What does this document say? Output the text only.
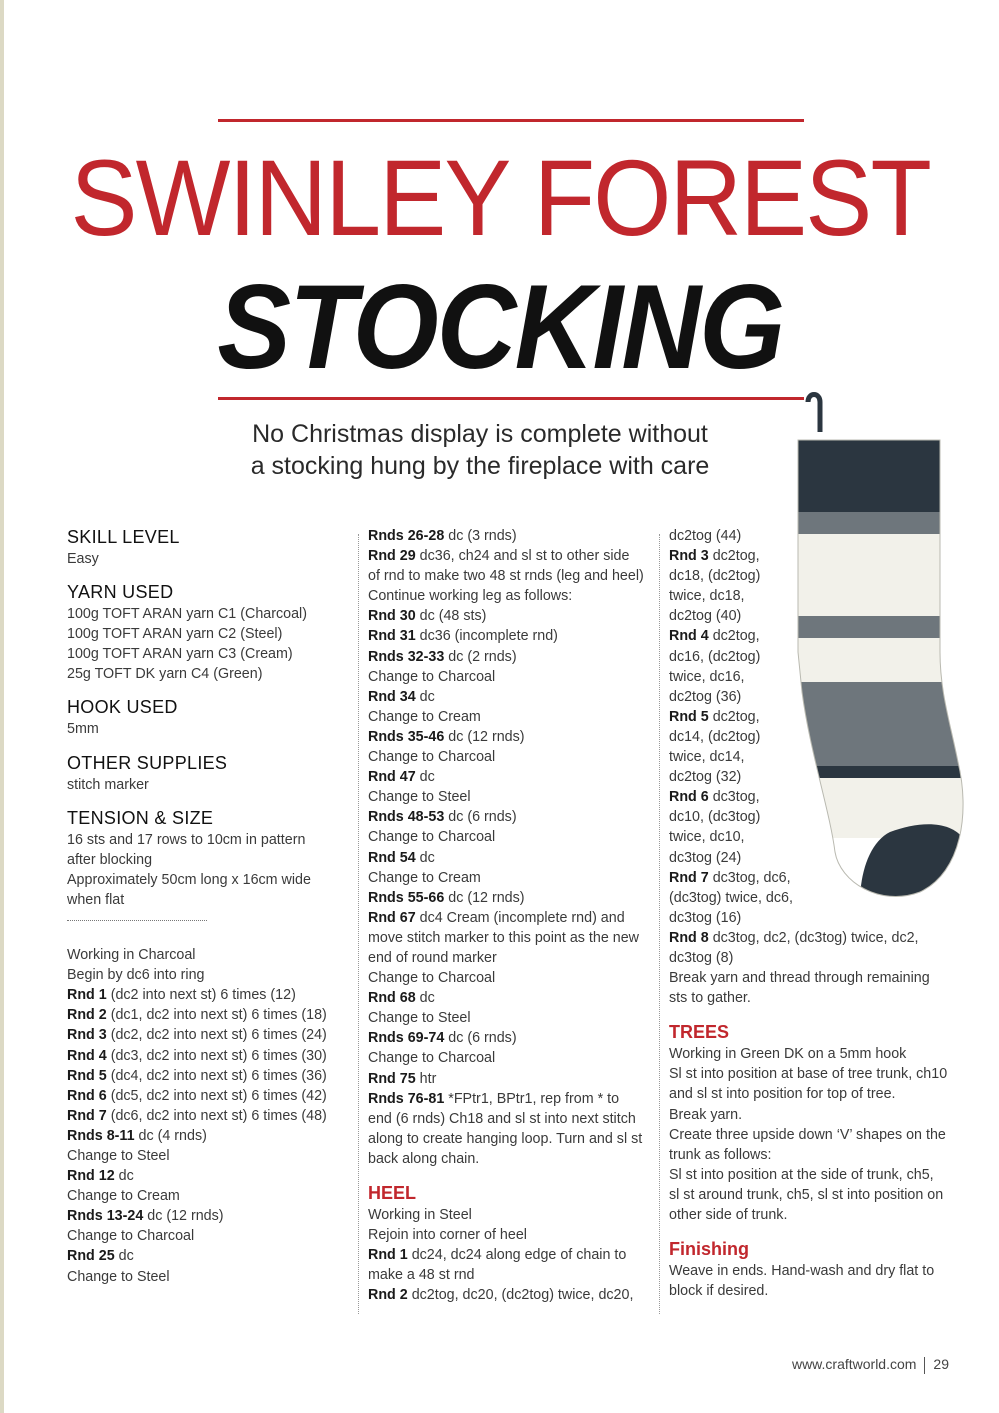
SWINLEY FOREST
STOCKING
No Christmas display is complete without
a stocking hung by the fireplace with care
SKILL LEVEL
Easy
YARN USED
100g TOFT ARAN yarn C1 (Charcoal)
100g TOFT ARAN yarn C2 (Steel)
100g TOFT ARAN yarn C3 (Cream)
25g TOFT DK yarn C4 (Green)
HOOK USED
5mm
OTHER SUPPLIES
stitch marker
TENSION & SIZE
16 sts and 17 rows to 10cm in pattern
after blocking
Approximately 50cm long x 16cm wide
when flat
Working in Charcoal
Begin by dc6 into ring
Rnd 1 (dc2 into next st) 6 times (12)
Rnd 2 (dc1, dc2 into next st) 6 times (18)
Rnd 3 (dc2, dc2 into next st) 6 times (24)
Rnd 4 (dc3, dc2 into next st) 6 times (30)
Rnd 5 (dc4, dc2 into next st) 6 times (36)
Rnd 6 (dc5, dc2 into next st) 6 times (42)
Rnd 7 (dc6, dc2 into next st) 6 times (48)
Rnds 8-11 dc (4 rnds)
Change to Steel
Rnd 12 dc
Change to Cream
Rnds 13-24 dc (12 rnds)
Change to Charcoal
Rnd 25 dc
Change to Steel
Rnds 26-28 dc (3 rnds)
Rnd 29 dc36, ch24 and sl st to other side
of rnd to make two 48 st rnds (leg and heel)
Continue working leg as follows:
Rnd 30 dc (48 sts)
Rnd 31 dc36 (incomplete rnd)
Rnds 32-33 dc (2 rnds)
Change to Charcoal
Rnd 34 dc
Change to Cream
Rnds 35-46 dc (12 rnds)
Change to Charcoal
Rnd 47 dc
Change to Steel
Rnds 48-53 dc (6 rnds)
Change to Charcoal
Rnd 54 dc
Change to Cream
Rnds 55-66 dc (12 rnds)
Rnd 67 dc4 Cream (incomplete rnd) and
move stitch marker to this point as the new
end of round marker
Change to Charcoal
Rnd 68 dc
Change to Steel
Rnds 69-74 dc (6 rnds)
Change to Charcoal
Rnd 75 htr
Rnds 76-81 *FPtr1, BPtr1, rep from * to
end (6 rnds) Ch18 and sl st into next stitch
along to create hanging loop. Turn and sl st
back along chain.
HEEL
Working in Steel
Rejoin into corner of heel
Rnd 1 dc24, dc24 along edge of chain to
make a 48 st rnd
Rnd 2 dc2tog, dc20, (dc2tog) twice, dc20,
dc2tog (44)
Rnd 3 dc2tog,
dc18, (dc2tog)
twice, dc18,
dc2tog (40)
Rnd 4 dc2tog,
dc16, (dc2tog)
twice, dc16,
dc2tog (36)
Rnd 5 dc2tog,
dc14, (dc2tog)
twice, dc14,
dc2tog (32)
Rnd 6 dc3tog,
dc10, (dc3tog)
twice, dc10,
dc3tog (24)
Rnd 7 dc3tog, dc6,
(dc3tog) twice, dc6,
dc3tog (16)
Rnd 8 dc3tog, dc2, (dc3tog) twice, dc2,
dc3tog (8)
Break yarn and thread through remaining
sts to gather.
TREES
Working in Green DK on a 5mm hook
Sl st into position at base of tree trunk, ch10
and sl st into position for top of tree.
Break yarn.
Create three upside down ‘V’ shapes on the
trunk as follows:
Sl st into position at the side of trunk, ch5,
sl st around trunk, ch5, sl st into position on
other side of trunk.
Finishing
Weave in ends. Hand-wash and dry flat to
block if desired.
www.craftworld.com 29
